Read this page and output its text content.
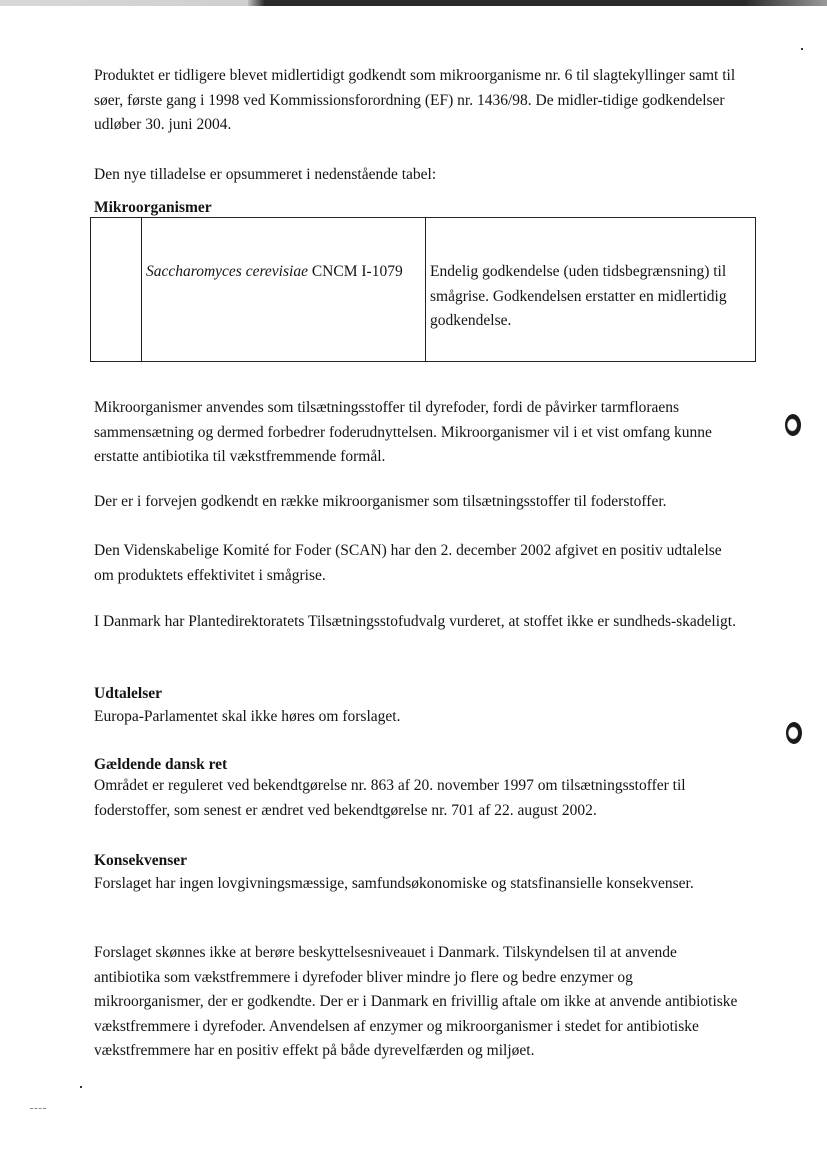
Produktet er tidligere blevet midlertidigt godkendt som mikroorganisme nr. 6 til slagtekyllinger samt til søer, første gang i 1998 ved Kommissionsforordning (EF) nr. 1436/98. De midler-tidige godkendelser udløber 30. juni 2004.

Den nye tilladelse er opsummeret i nedenstående tabel:

Mikroorganismer
	Saccharomyces cerevisiae CNCM I-1079	Endelig godkendelse (uden tidsbegrænsning) til smågrise. Godkendelsen erstatter en midlertidig godkendelse.

Mikroorganismer anvendes som tilsætningsstoffer til dyrefoder, fordi de påvirker tarmfloraens sammensætning og dermed forbedrer foderudnyttelsen. Mikroorganismer vil i et vist omfang kunne erstatte antibiotika til vækstfremmende formål.

Der er i forvejen godkendt en række mikroorganismer som tilsætningsstoffer til foderstoffer.

Den Videnskabelige Komité for Foder (SCAN) har den 2. december 2002 afgivet en positiv udtalelse om produktets effektivitet i smågrise.

I Danmark har Plantedirektoratets Tilsætningsstofudvalg vurderet, at stoffet ikke er sundheds-skadeligt.

Udtalelser

Europa-Parlamentet skal ikke høres om forslaget.

Gældende dansk ret

Området er reguleret ved bekendtgørelse nr. 863 af 20. november 1997 om tilsætningsstoffer til foderstoffer, som senest er ændret ved bekendtgørelse nr. 701 af 22. august 2002.

Konsekvenser

Forslaget har ingen lovgivningsmæssige, samfundsøkonomiske og statsfinansielle konsekvenser.

Forslaget skønnes ikke at berøre beskyttelsesniveauet i Danmark. Tilskyndelsen til at anvende antibiotika som vækstfremmere i dyrefoder bliver mindre jo flere og bedre enzymer og mikroorganismer, der er godkendte. Der er i Danmark en frivillig aftale om ikke at anvende antibiotiske vækstfremmere i dyrefoder. Anvendelsen af enzymer og mikroorganismer i stedet for antibiotiske vækstfremmere har en positiv effekt på både dyrevelfærden og miljøet.
